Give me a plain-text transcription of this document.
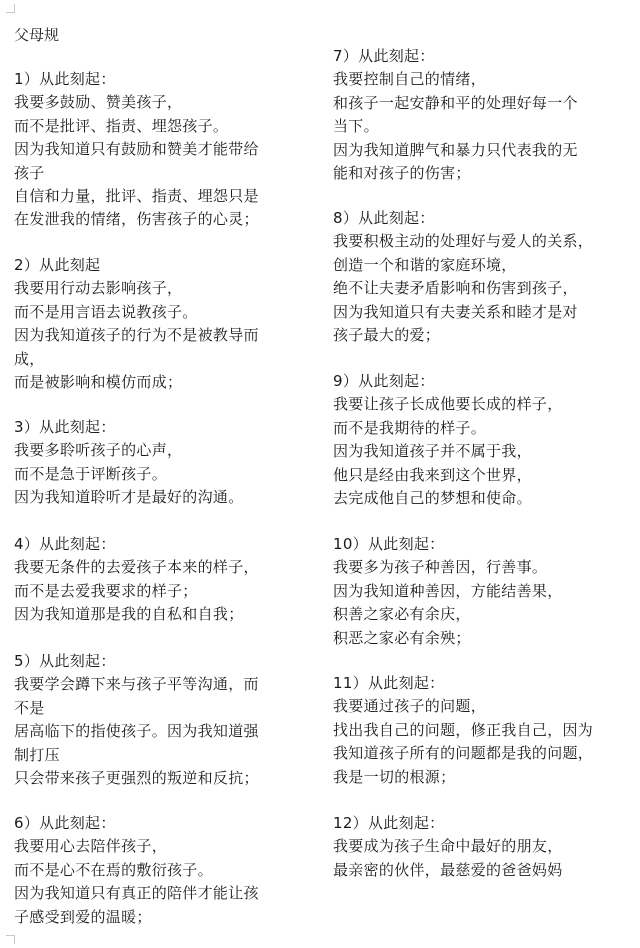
父母规
1）从此刻起：
我要多鼓励、赞美孩子，
而不是批评、指责、埋怨孩子。
因为我知道只有鼓励和赞美才能带给
孩子
自信和力量，批评、指责、埋怨只是
在发泄我的情绪，伤害孩子的心灵；
2）从此刻起
我要用行动去影响孩子，
而不是用言语去说教孩子。
因为我知道孩子的行为不是被教导而
成，
而是被影响和模仿而成；
3）从此刻起：
我要多聆听孩子的心声，
而不是急于评断孩子。
因为我知道聆听才是最好的沟通。
4）从此刻起：
我要无条件的去爱孩子本来的样子，
而不是去爱我要求的样子；
因为我知道那是我的自私和自我；
5）从此刻起：
我要学会蹲下来与孩子平等沟通，而
不是
居高临下的指使孩子。因为我知道强
制打压
只会带来孩子更强烈的叛逆和反抗；
6）从此刻起：
我要用心去陪伴孩子，
而不是心不在焉的敷衍孩子。
因为我知道只有真正的陪伴才能让孩
子感受到爱的温暖；
7）从此刻起：
我要控制自己的情绪，
和孩子一起安静和平的处理好每一个
当下。
因为我知道脾气和暴力只代表我的无
能和对孩子的伤害；
8）从此刻起：
我要积极主动的处理好与爱人的关系，
创造一个和谐的家庭环境，
绝不让夫妻矛盾影响和伤害到孩子，
因为我知道只有夫妻关系和睦才是对
孩子最大的爱；
9）从此刻起：
我要让孩子长成他要长成的样子，
而不是我期待的样子。
因为我知道孩子并不属于我，
他只是经由我来到这个世界，
去完成他自己的梦想和使命。
10）从此刻起：
我要多为孩子种善因，行善事。
因为我知道种善因，方能结善果，
积善之家必有余庆，
积恶之家必有余殃；
11）从此刻起：
我要通过孩子的问题，
找出我自己的问题，修正我自己，因为
我知道孩子所有的问题都是我的问题，
我是一切的根源；
12）从此刻起：
我要成为孩子生命中最好的朋友，
最亲密的伙伴，最慈爱的爸爸妈妈
